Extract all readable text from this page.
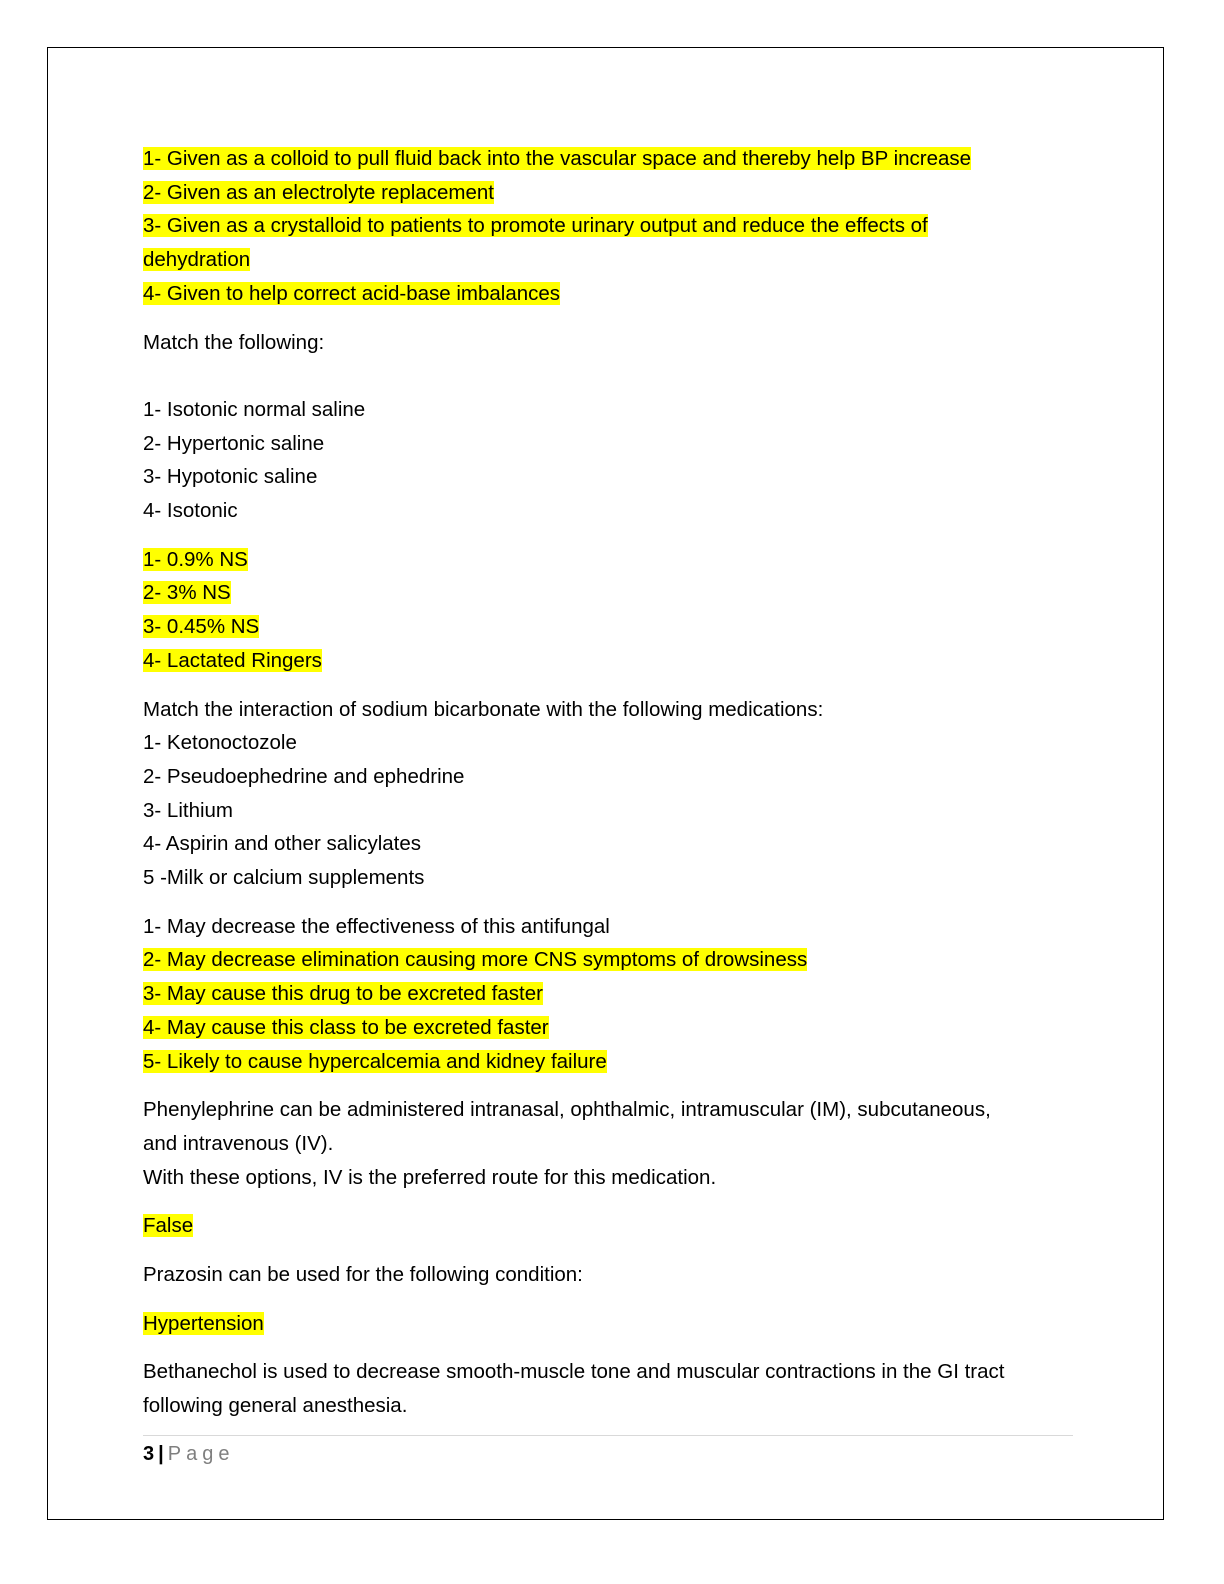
1- Given as a colloid to pull fluid back into the vascular space and thereby help BP increase
2- Given as an electrolyte replacement
3- Given as a crystalloid to patients to promote urinary output and reduce the effects of
dehydration
4- Given to help correct acid-base imbalances
Match the following:
1- Isotonic normal saline
2- Hypertonic saline
3- Hypotonic saline
4- Isotonic
1- 0.9% NS
2- 3% NS
3- 0.45% NS
4- Lactated Ringers
Match the interaction of sodium bicarbonate with the following medications:
1- Ketonoctozole
2- Pseudoephedrine and ephedrine
3- Lithium
4- Aspirin and other salicylates
5 -Milk or calcium supplements
1- May decrease the effectiveness of this antifungal
2- May decrease elimination causing more CNS symptoms of drowsiness
3- May cause this drug to be excreted faster
4- May cause this class to be excreted faster
5- Likely to cause hypercalcemia and kidney failure
Phenylephrine can be administered intranasal, ophthalmic, intramuscular (IM), subcutaneous,
and intravenous (IV).
With these options, IV is the preferred route for this medication.
False
Prazosin can be used for the following condition:
Hypertension
Bethanechol is used to decrease smooth-muscle tone and muscular contractions in the GI tract
following general anesthesia.
3 | Page
